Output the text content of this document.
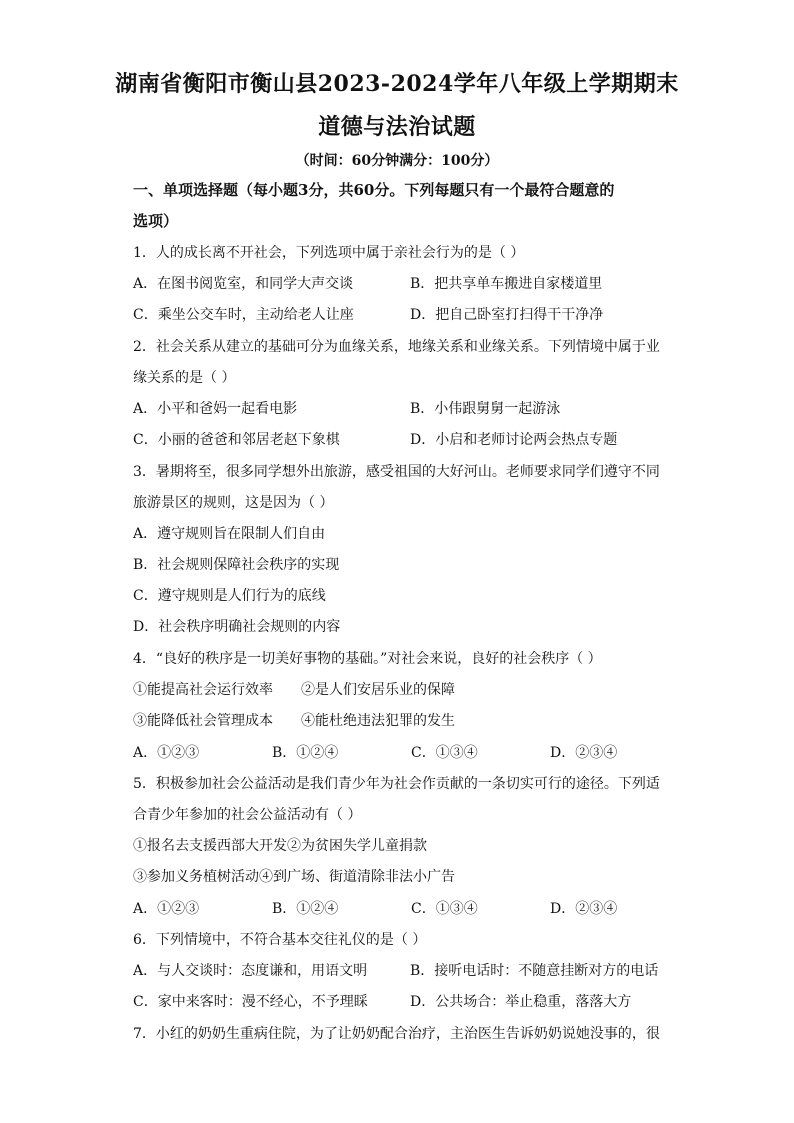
湖南省衡阳市衡山县2023-2024学年八年级上学期期末
道德与法治试题
（时间：60分钟满分：100分）
一、单项选择题（每小题3分，共60分。下列每题只有一个最符合题意的
选项）
1．人的成长离不开社会，下列选项中属于亲社会行为的是（ ）
A．在图书阅览室，和同学大声交谈	B．把共享单车搬进自家楼道里
C．乘坐公交车时，主动给老人让座	D．把自己卧室打扫得干干净净
2．社会关系从建立的基础可分为血缘关系，地缘关系和业缘关系。下列情境中属于业
缘关系的是（ ）
A．小平和爸妈一起看电影	B．小伟跟舅舅一起游泳
C．小丽的爸爸和邻居老赵下象棋	D．小启和老师讨论两会热点专题
3．暑期将至，很多同学想外出旅游，感受祖国的大好河山。老师要求同学们遵守不同
旅游景区的规则，这是因为（ ）
A．遵守规则旨在限制人们自由
B．社会规则保障社会秩序的实现
C．遵守规则是人们行为的底线
D．社会秩序明确社会规则的内容
4．“良好的秩序是一切美好事物的基础。”对社会来说，良好的社会秩序（ ）
①能提高社会运行效率 ②是人们安居乐业的保障
③能降低社会管理成本 ④能杜绝违法犯罪的发生
A．①②③	B．①②④	C．①③④	D．②③④
5．积极参加社会公益活动是我们青少年为社会作贡献的一条切实可行的途径。下列适
合青少年参加的社会公益活动有（ ）
①报名去支援西部大开发②为贫困失学儿童捐款
③参加义务植树活动④到广场、街道清除非法小广告
A．①②③	B．①②④	C．①③④	D．②③④
6．下列情境中，不符合基本交往礼仪的是（ ）
A．与人交谈时：态度谦和，用语文明	B．接听电话时：不随意挂断对方的电话
C．家中来客时：漫不经心，不予理睬	D．公共场合：举止稳重，落落大方
7．小红的奶奶生重病住院，为了让奶奶配合治疗，主治医生告诉奶奶说她没事的，很
